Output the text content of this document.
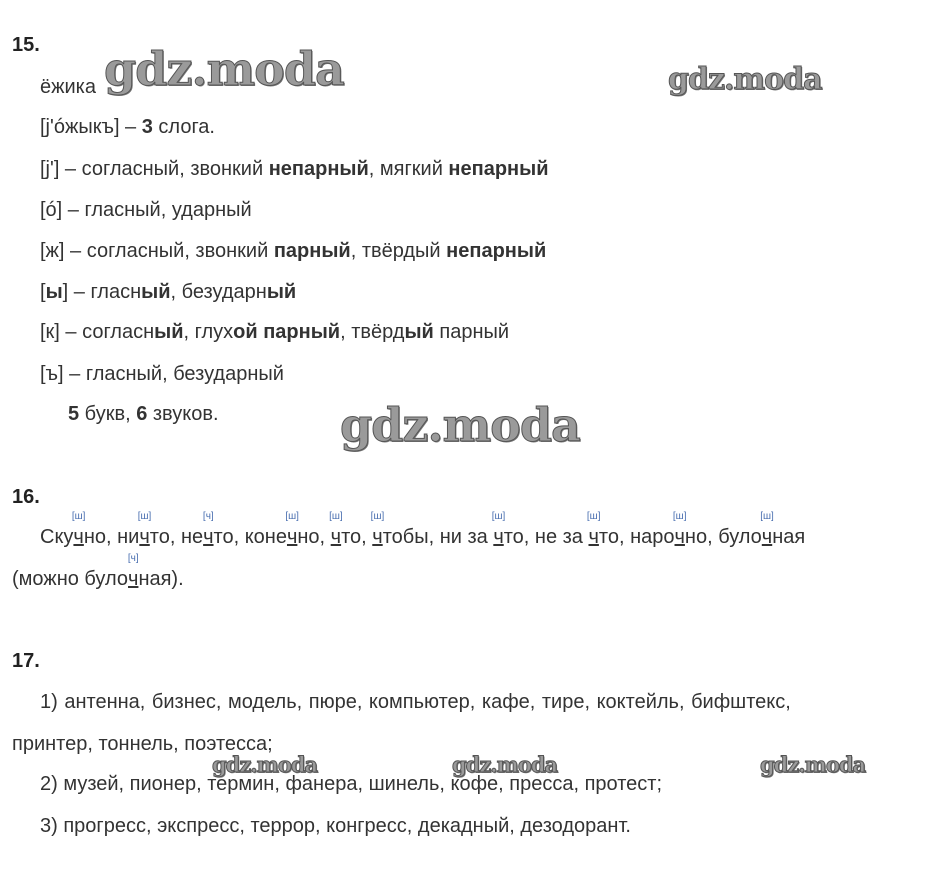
15.
ёжика
[j'óжыкъ] – 3 слога.
[j'] – согласный, звонкий непарный, мягкий непарный
[ó] – гласный, ударный
[ж] – согласный, звонкий парный, твёрдый непарный
[ы] – гласный, безударный
[к] – согласный, глухой парный, твёрдый парный
[ъ] – гласный, безударный
5 букв, 6 звуков.
16.
Ску
[ш]
чно, ни
[ш]
что, не
[ч]
что, коне
[ш]
чно,
[ш]
что,
[ш]
чтобы, ни за
[ш]
что, не за
[ш]
что, наро
[ш]
чно, було
[ш]
чная
(можно було
[ч]
чная).
17.
1) антенна, бизнес, модель, пюре, компьютер, кафе, тире, коктейль, бифштекс,
принтер, тоннель, поэтесса;
2) музей, пионер, термин, фанера, шинель, кофе, пресса, протест;
3) прогресс, экспресс, террор, конгресс, декадный, дезодорант.
gdz.moda	gdz.moda
gdz.moda
gdz.moda	gdz.moda	gdz.moda
